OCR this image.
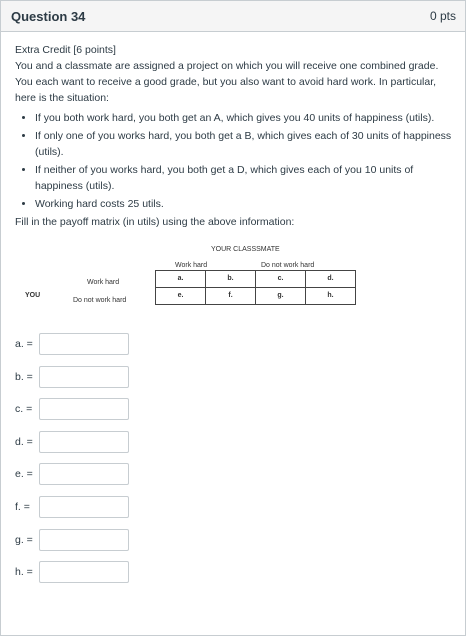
Question 34	0 pts

Extra Credit [6 points]

You and a classmate are assigned a project on which you will receive one combined grade. You each want to receive a good grade, but you also want to avoid hard work. In particular, here is the situation:

• If you both work hard, you both get an A, which gives you 40 units of happiness (utils).
• If only one of you works hard, you both get a B, which gives each of 30 units of happiness (utils).
• If neither of you works hard, you both get a D, which gives each of you 10 units of happiness (utils).
• Working hard costs 25 utils.

Fill in the payoff matrix (in utils) using the above information:

YOUR CLASSSMATE
Work hard	Do not work hard
YOU
Work hard
Do not work hard
a.	b.	c.	d.
e.	f.	g.	h.
a. =
b. =
c. =
d. =
e. =
f. =
g. =
h. =
